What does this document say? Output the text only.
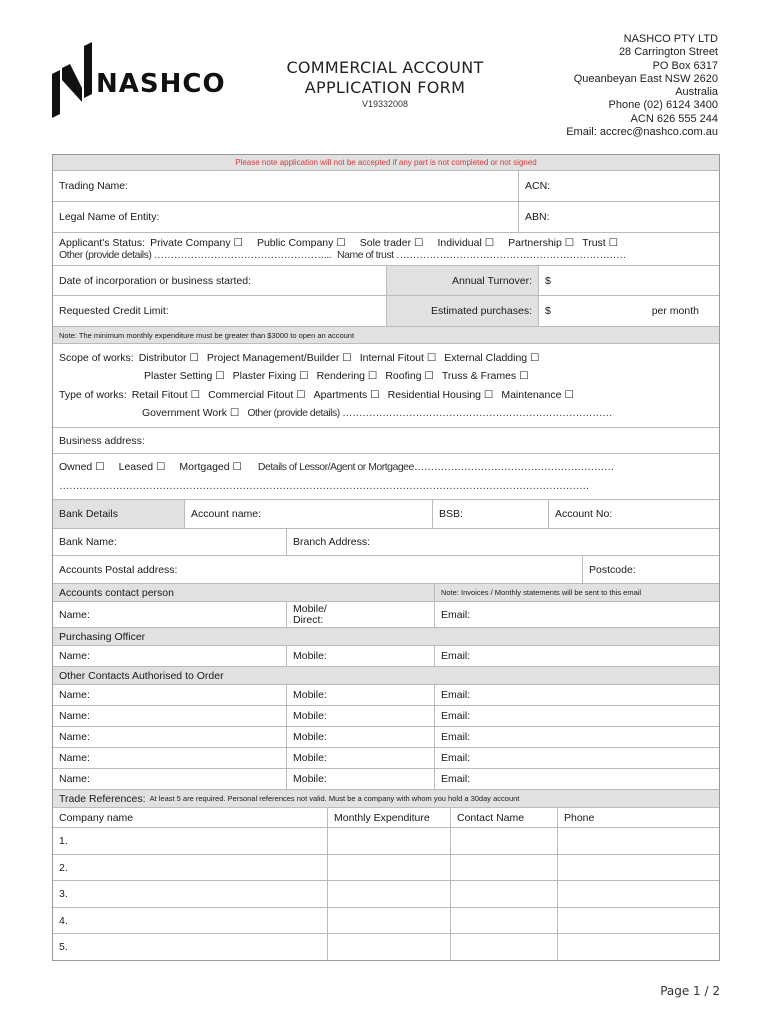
NASHCO
COMMERCIAL ACCOUNT
APPLICATION FORM
V19332008
NASHCO PTY LTD
28 Carrington Street
PO Box 6317
Queanbeyan East NSW 2620
Australia
Phone (02) 6124 3400
ACN 626 555 244
Email: accrec@nashco.com.au
Please note application will not be accepted if any part is not completed or not signed
Trading Name:	ACN:
Legal Name of Entity:	ABN:
Applicant's Status: Private Company ☐ Public Company ☐ Sole trader ☐ Individual ☐ Partnership ☐ Trust ☐
Other (provide details) ……………………………………………... Name of trust ……………………………………………………………
Date of incorporation or business started:	Annual Turnover:	$
Requested Credit Limit:	Estimated purchases:	$	per month
Note: The minimum monthly expenditure must be greater than $3000 to open an account
Scope of works: Distributor ☐ Project Management/Builder ☐ Internal Fitout ☐ External Cladding ☐
Plaster Setting ☐ Plaster Fixing ☐ Rendering ☐ Roofing ☐ Truss & Frames ☐
Type of works: Retail Fitout ☐ Commercial Fitout ☐ Apartments ☐ Residential Housing ☐ Maintenance ☐
Government Work ☐ Other (provide details) ………………………………………………………………………
Business address:
Owned ☐ Leased ☐ Mortgaged ☐ Details of Lessor/Agent or Mortgagee……………………………………………………
……………………………………………………………………………………………………………………………………………
Bank Details	Account name:	BSB:	Account No:
Bank Name:	Branch Address:
Accounts Postal address:	Postcode:
Accounts contact person	Note: Invoices / Monthly statements will be sent to this email
Name:	Mobile/
Direct:	Email:
Purchasing Officer
Name:	Mobile:	Email:
Other Contacts Authorised to Order
Name:	Mobile:	Email:
Name:	Mobile:	Email:
Name:	Mobile:	Email:
Name:	Mobile:	Email:
Name:	Mobile:	Email:
Trade References: At least 5 are required. Personal references not valid. Must be a company with whom you hold a 30day account
Company name	Monthly Expenditure	Contact Name	Phone
1.
2.
3.
4.
5.
Page 1 / 2
